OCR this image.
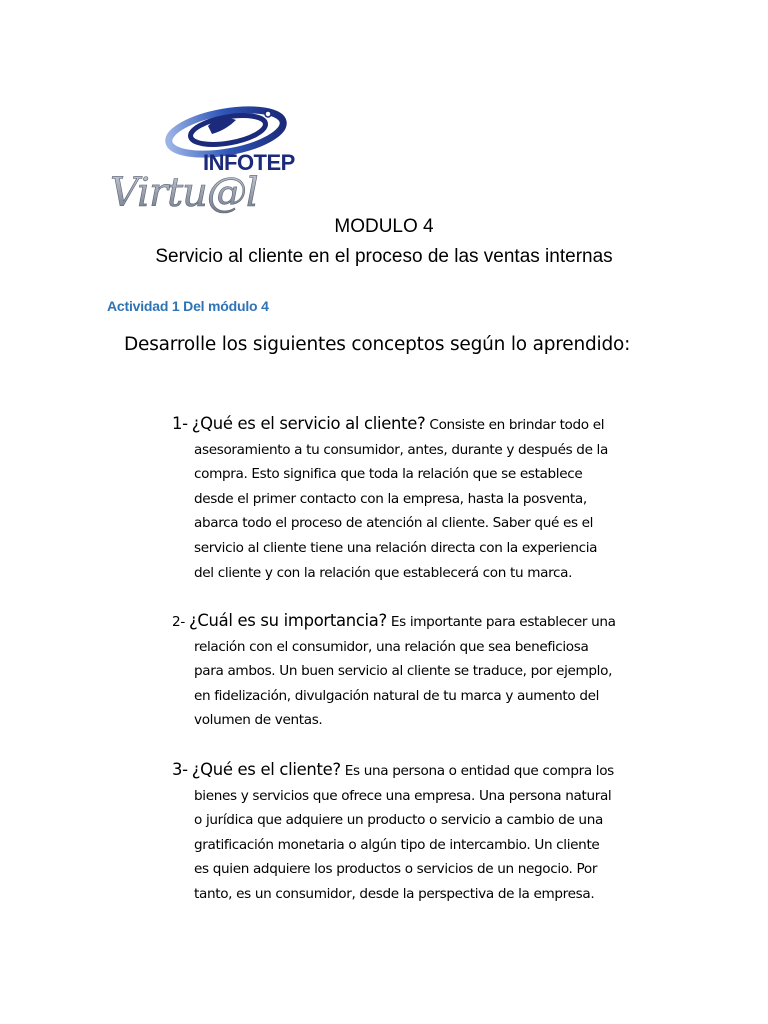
INFOTEP
Virtu@l
MODULO 4
Servicio al cliente en el proceso de las ventas internas
Actividad 1 Del módulo 4
Desarrolle los siguientes conceptos según lo aprendido:
1- ¿Qué es el servicio al cliente? Consiste en brindar todo el
asesoramiento a tu consumidor, antes, durante y después de la
compra. Esto significa que toda la relación que se establece
desde el primer contacto con la empresa, hasta la posventa,
abarca todo el proceso de atención al cliente. Saber qué es el
servicio al cliente tiene una relación directa con la experiencia
del cliente y con la relación que establecerá con tu marca.
2- ¿Cuál es su importancia? Es importante para establecer una
relación con el consumidor, una relación que sea beneficiosa
para ambos. Un buen servicio al cliente se traduce, por ejemplo,
en fidelización, divulgación natural de tu marca y aumento del
volumen de ventas.
3- ¿Qué es el cliente? Es una persona o entidad que compra los
bienes y servicios que ofrece una empresa. Una persona natural
o jurídica que adquiere un producto o servicio a cambio de una
gratificación monetaria o algún tipo de intercambio. Un cliente
es quien adquiere los productos o servicios de un negocio. Por
tanto, es un consumidor, desde la perspectiva de la empresa.
